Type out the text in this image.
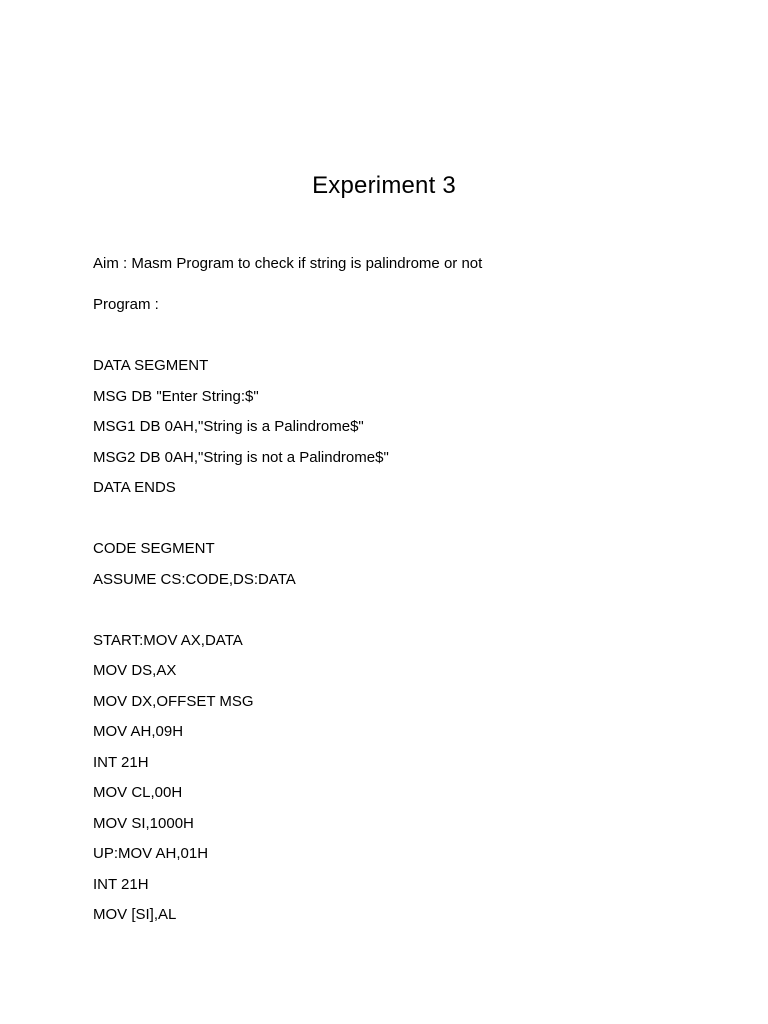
Experiment 3
Aim : Masm Program to check if string is palindrome or not
Program :
DATA SEGMENT
MSG DB "Enter String:$"
MSG1 DB 0AH,"String is a Palindrome$"
MSG2 DB 0AH,"String is not a Palindrome$"
DATA ENDS
CODE SEGMENT
ASSUME CS:CODE,DS:DATA
START:MOV AX,DATA
MOV DS,AX
MOV DX,OFFSET MSG
MOV AH,09H
INT 21H
MOV CL,00H
MOV SI,1000H
UP:MOV AH,01H
INT 21H
MOV [SI],AL
